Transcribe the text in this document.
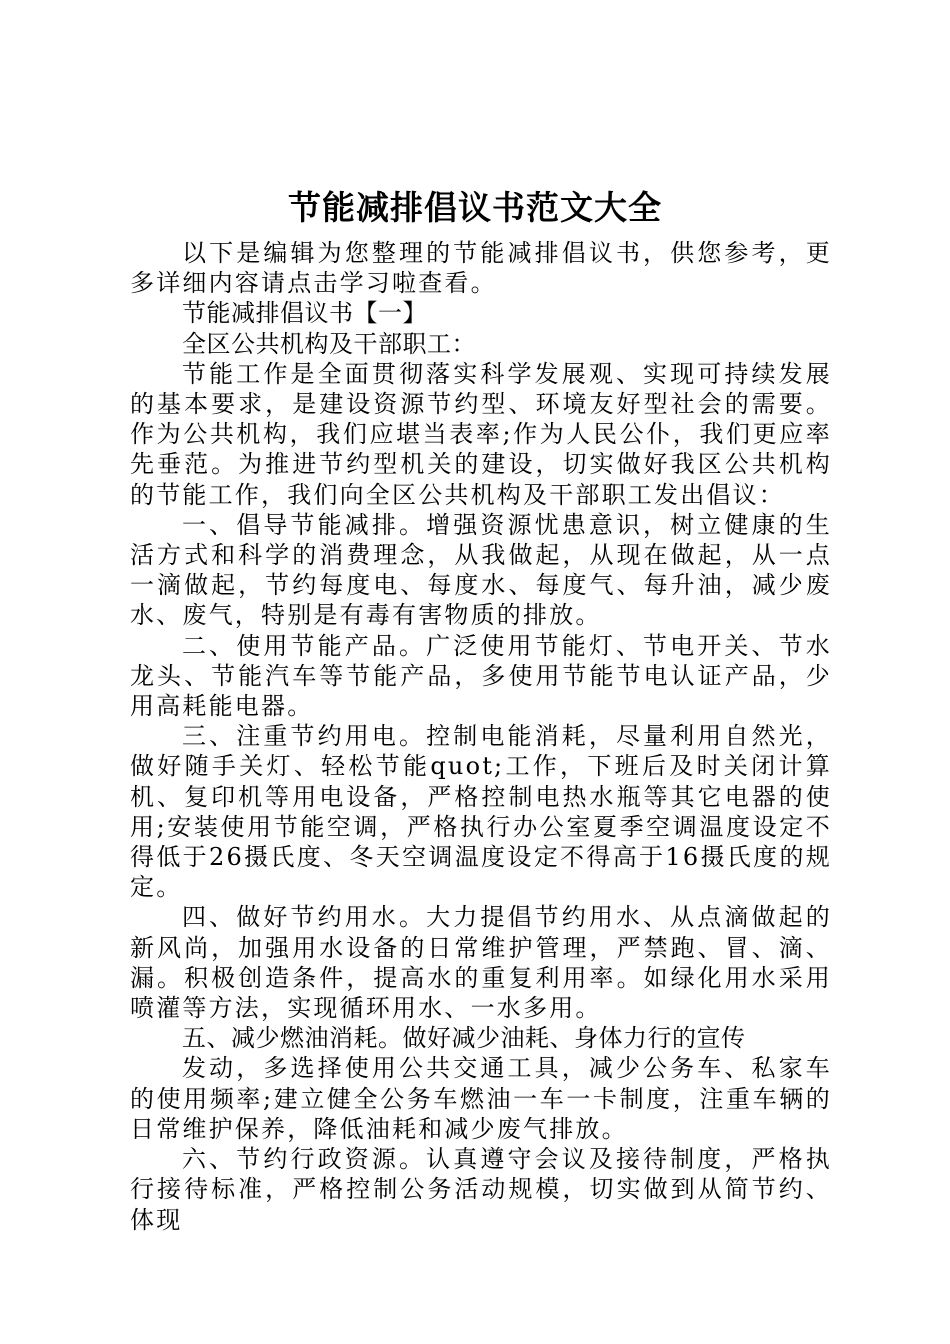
节能减排倡议书范文大全

以下是编辑为您整理的节能减排倡议书，供您参考，更多详细内容请点击学习啦查看。

节能减排倡议书【一】

全区公共机构及干部职工：

节能工作是全面贯彻落实科学发展观、实现可持续发展的基本要求，是建设资源节约型、环境友好型社会的需要。作为公共机构，我们应堪当表率;作为人民公仆，我们更应率先垂范。为推进节约型机关的建设，切实做好我区公共机构的节能工作，我们向全区公共机构及干部职工发出倡议：

一、倡导节能减排。增强资源忧患意识，树立健康的生活方式和科学的消费理念，从我做起，从现在做起，从一点一滴做起，节约每度电、每度水、每度气、每升油，减少废水、废气，特别是有毒有害物质的排放。

二、使用节能产品。广泛使用节能灯、节电开关、节水龙头、节能汽车等节能产品，多使用节能节电认证产品，少用高耗能电器。

三、注重节约用电。控制电能消耗，尽量利用自然光，做好随手关灯、轻松节能quot;工作，下班后及时关闭计算机、复印机等用电设备，严格控制电热水瓶等其它电器的使用;安装使用节能空调，严格执行办公室夏季空调温度设定不得低于26摄氏度、冬天空调温度设定不得高于16摄氏度的规定。

四、做好节约用水。大力提倡节约用水、从点滴做起的新风尚，加强用水设备的日常维护管理，严禁跑、冒、滴、漏。积极创造条件，提高水的重复利用率。如绿化用水采用喷灌等方法，实现循环用水、一水多用。

五、减少燃油消耗。做好减少油耗、身体力行的宣传

发动，多选择使用公共交通工具，减少公务车、私家车的使用频率;建立健全公务车燃油一车一卡制度，注重车辆的日常维护保养，降低油耗和减少废气排放。

六、节约行政资源。认真遵守会议及接待制度，严格执行接待标准，严格控制公务活动规模，切实做到从简节约、体现
